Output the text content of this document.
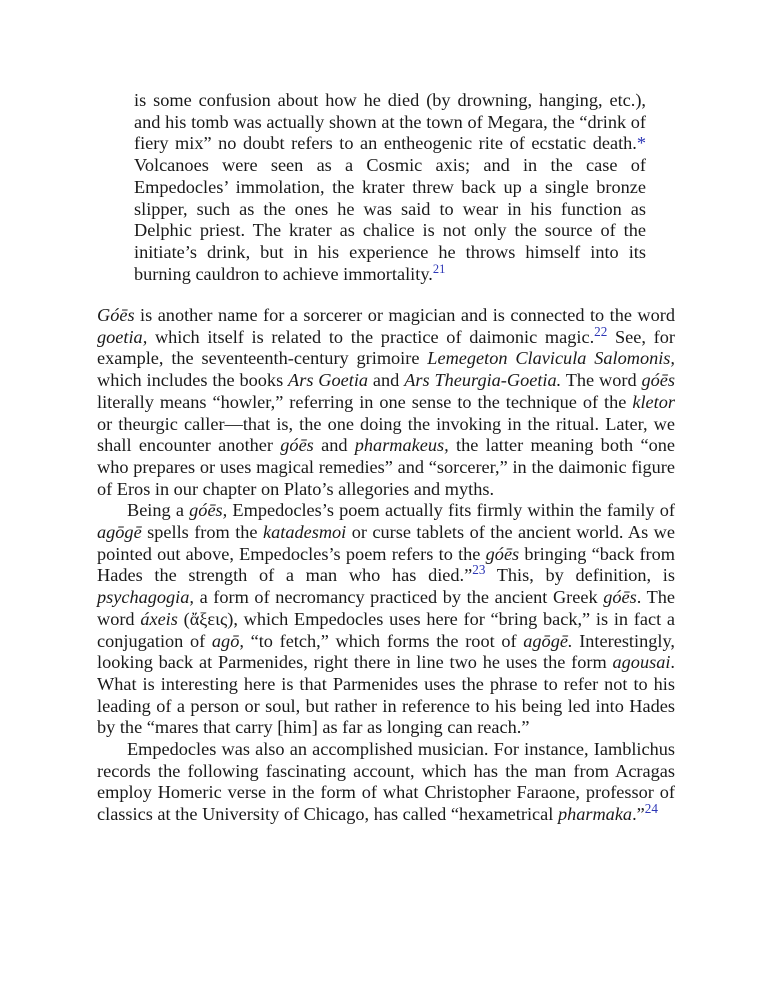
is some confusion about how he died (by drowning, hanging, etc.), and his tomb was actually shown at the town of Megara, the “drink of fiery mix” no doubt refers to an entheogenic rite of ecstatic death.* Volcanoes were seen as a Cosmic axis; and in the case of Empedocles’ immolation, the krater threw back up a single bronze slipper, such as the ones he was said to wear in his function as Delphic priest. The krater as chalice is not only the source of the initiate’s drink, but in his experience he throws himself into its burning cauldron to achieve immortality.$^{21}$

Góēs is another name for a sorcerer or magician and is connected to the word goetia, which itself is related to the practice of daimonic magic.$^{22}$ See, for example, the seventeenth-century grimoire Lemegeton Clavicula Salomonis, which includes the books Ars Goetia and Ars Theurgia-Goetia. The word góēs literally means “howler,” referring in one sense to the technique of the kletor or theurgic caller—that is, the one doing the invoking in the ritual. Later, we shall encounter another góēs and pharmakeus, the latter meaning both “one who prepares or uses magical remedies” and “sorcerer,” in the daimonic figure of Eros in our chapter on Plato’s allegories and myths.

Being a góēs, Empedocles’s poem actually fits firmly within the family of agōgē spells from the katadesmoi or curse tablets of the ancient world. As we pointed out above, Empedocles’s poem refers to the góēs bringing “back from Hades the strength of a man who has died.”$^{23}$ This, by definition, is psychagogia, a form of necromancy practiced by the ancient Greek góēs. The word áxeis (ἄξεις), which Empedocles uses here for “bring back,” is in fact a conjugation of agō, “to fetch,” which forms the root of agōgē. Interestingly, looking back at Parmenides, right there in line two he uses the form agousai. What is interesting here is that Parmenides uses the phrase to refer not to his leading of a person or soul, but rather in reference to his being led into Hades by the “mares that carry [him] as far as longing can reach.”

Empedocles was also an accomplished musician. For instance, Iamblichus records the following fascinating account, which has the man from Acragas employ Homeric verse in the form of what Christopher Faraone, professor of classics at the University of Chicago, has called “hexametrical pharmaka.”$^{24}$
